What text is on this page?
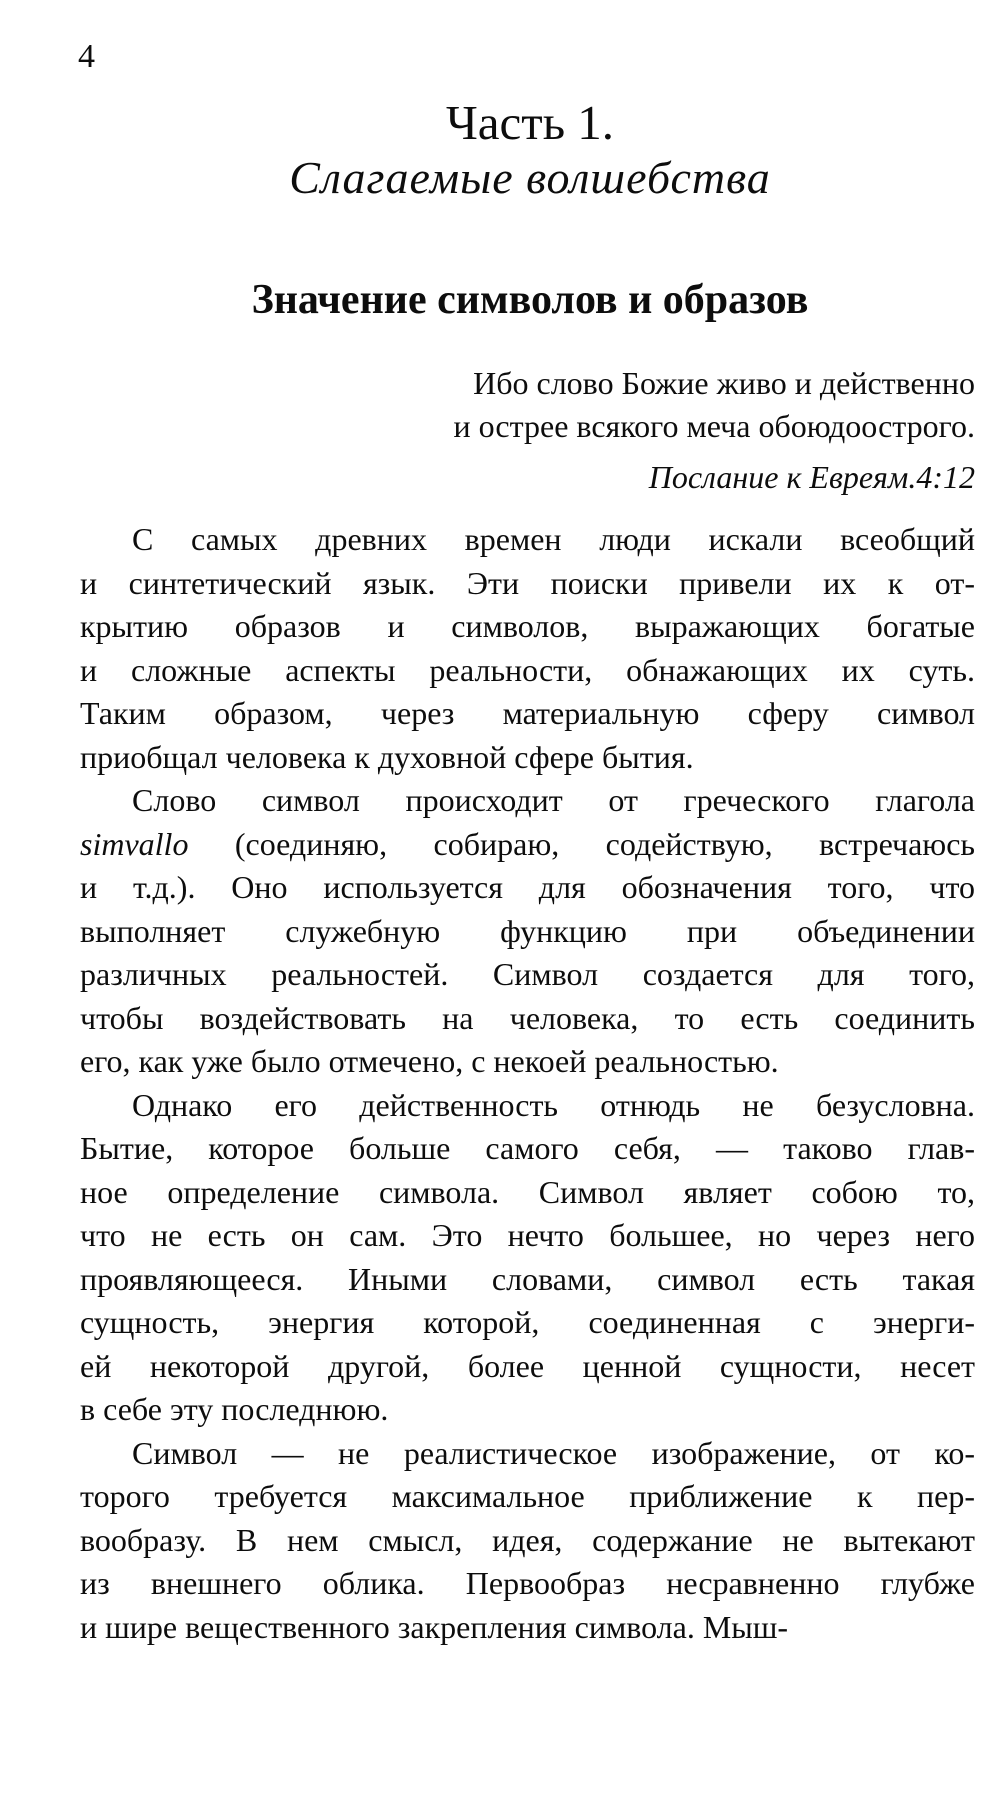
4
Часть 1.
Слагаемые волшебства
Значение символов и образов
Ибо слово Божие живо и действенно
и острее всякого меча обоюдоострого.
Послание к Евреям.4:12
С самых древних времен люди искали всеобщий
и синтетический язык. Эти поиски привели их к от-
крытию образов и символов, выражающих богатые
и сложные аспекты реальности, обнажающих их суть.
Таким образом, через материальную сферу символ
приобщал человека к духовной сфере бытия.
Слово символ происходит от греческого глагола
simvallo (соединяю, собираю, содействую, встречаюсь
и т.д.). Оно используется для обозначения того, что
выполняет служебную функцию при объединении
различных реальностей. Символ создается для того,
чтобы воздействовать на человека, то есть соединить
его, как уже было отмечено, с некоей реальностью.
Однако его действенность отнюдь не безусловна.
Бытие, которое больше самого себя, — таково глав-
ное определение символа. Символ являет собою то,
что не есть он сам. Это нечто большее, но через него
проявляющееся. Иными словами, символ есть такая
сущность, энергия которой, соединенная с энерги-
ей некоторой другой, более ценной сущности, несет
в себе эту последнюю.
Символ — не реалистическое изображение, от ко-
торого требуется максимальное приближение к пер-
вообразу. В нем смысл, идея, содержание не вытекают
из внешнего облика. Первообраз несравненно глубже
и шире вещественного закрепления символа. Мыш-
